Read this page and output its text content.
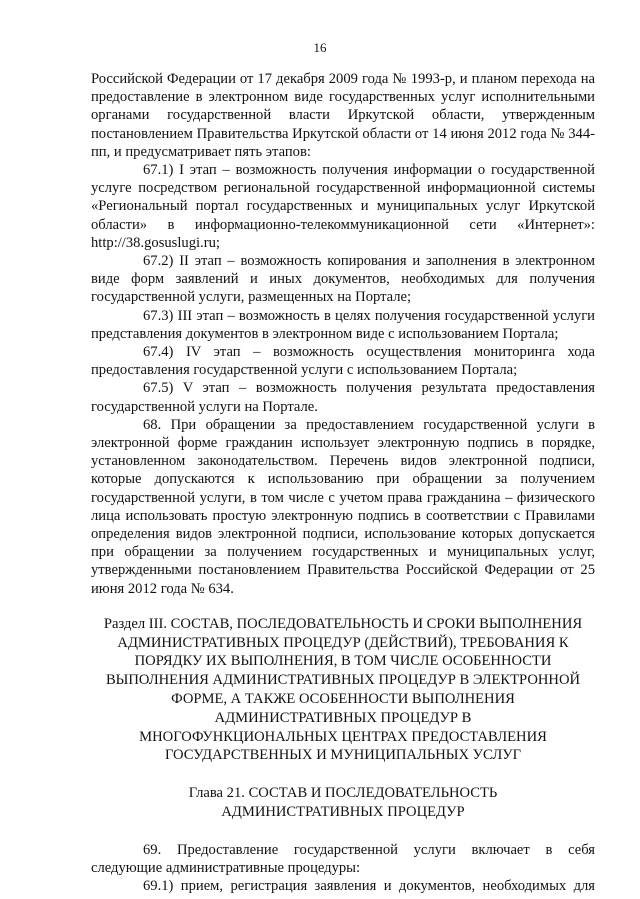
16

Российской Федерации от 17 декабря 2009 года № 1993-р, и планом перехода на предоставление в электронном виде государственных услуг исполнительными органами государственной власти Иркутской области, утвержденным постановлением Правительства Иркутской области от 14 июня 2012 года № 344-пп, и предусматривает пять этапов:

67.1) I этап – возможность получения информации о государственной услуге посредством региональной государственной информационной системы «Региональный портал государственных и муниципальных услуг Иркутской области» в информационно-телекоммуникационной сети «Интернет»: http://38.gosuslugi.ru;

67.2) II этап – возможность копирования и заполнения в электронном виде форм заявлений и иных документов, необходимых для получения государственной услуги, размещенных на Портале;

67.3) III этап – возможность в целях получения государственной услуги представления документов в электронном виде с использованием Портала;

67.4) IV этап – возможность осуществления мониторинга хода предоставления государственной услуги с использованием Портала;

67.5) V этап – возможность получения результата предоставления государственной услуги на Портале.

68. При обращении за предоставлением государственной услуги в электронной форме гражданин использует электронную подпись в порядке, установленном законодательством. Перечень видов электронной подписи, которые допускаются к использованию при обращении за получением государственной услуги, в том числе с учетом права гражданина – физического лица использовать простую электронную подпись в соответствии с Правилами определения видов электронной подписи, использование которых допускается при обращении за получением государственных и муниципальных услуг, утвержденными постановлением Правительства Российской Федерации от 25 июня 2012 года № 634.

Раздел III. СОСТАВ, ПОСЛЕДОВАТЕЛЬНОСТЬ И СРОКИ ВЫПОЛНЕНИЯ
АДМИНИСТРАТИВНЫХ ПРОЦЕДУР (ДЕЙСТВИЙ), ТРЕБОВАНИЯ К
ПОРЯДКУ ИХ ВЫПОЛНЕНИЯ, В ТОМ ЧИСЛЕ ОСОБЕННОСТИ
ВЫПОЛНЕНИЯ АДМИНИСТРАТИВНЫХ ПРОЦЕДУР В ЭЛЕКТРОННОЙ
ФОРМЕ, А ТАКЖЕ ОСОБЕННОСТИ ВЫПОЛНЕНИЯ
АДМИНИСТРАТИВНЫХ ПРОЦЕДУР В
МНОГОФУНКЦИОНАЛЬНЫХ ЦЕНТРАХ ПРЕДОСТАВЛЕНИЯ
ГОСУДАРСТВЕННЫХ И МУНИЦИПАЛЬНЫХ УСЛУГ
Глава 21. СОСТАВ И ПОСЛЕДОВАТЕЛЬНОСТЬ
АДМИНИСТРАТИВНЫХ ПРОЦЕДУР

69. Предоставление государственной услуги включает в себя следующие административные процедуры:

69.1) прием, регистрация заявления и документов, необходимых для
